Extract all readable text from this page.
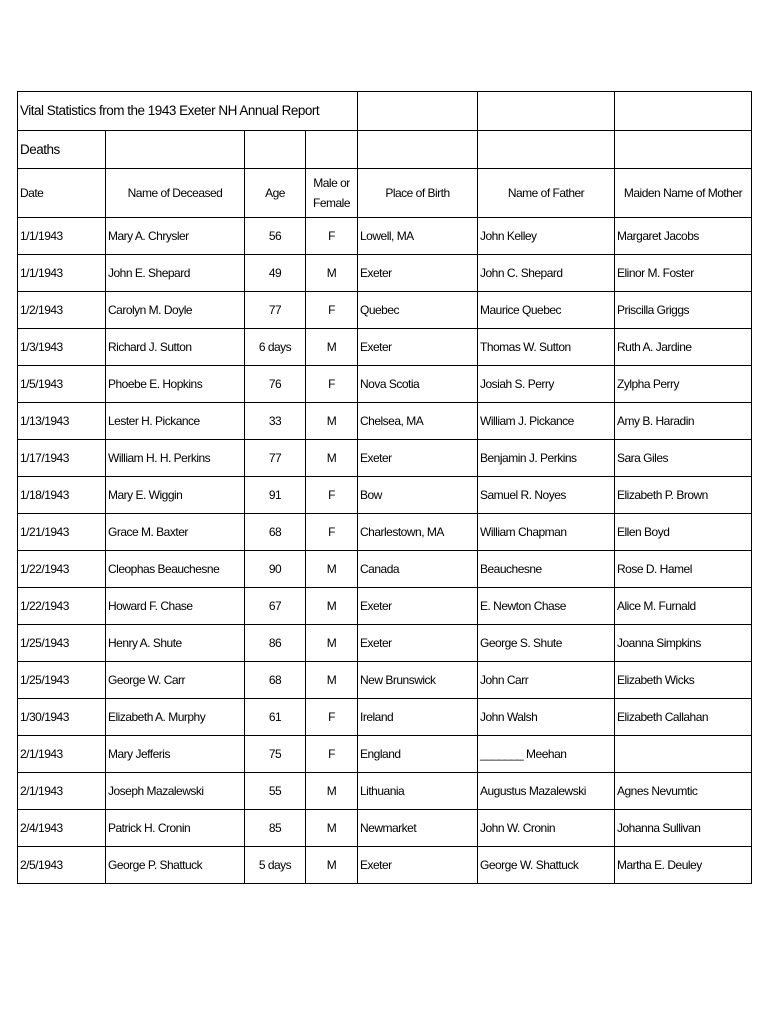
Vital Statistics from the 1943 Exeter NH Annual Report						
Deaths						
Date	Name of Deceased	Age	Male or Female	Place of Birth	Name of Father	Maiden Name of Mother
1/1/1943	Mary A. Chrysler	56	F	Lowell, MA	John Kelley	Margaret Jacobs
1/1/1943	John E. Shepard	49	M	Exeter	John C. Shepard	Elinor M. Foster
1/2/1943	Carolyn M. Doyle	77	F	Quebec	Maurice Quebec	Priscilla Griggs
1/3/1943	Richard J. Sutton	6 days	M	Exeter	Thomas W. Sutton	Ruth A. Jardine
1/5/1943	Phoebe E. Hopkins	76	F	Nova Scotia	Josiah S. Perry	Zylpha Perry
1/13/1943	Lester H. Pickance	33	M	Chelsea, MA	William J. Pickance	Amy B. Haradin
1/17/1943	William H. H. Perkins	77	M	Exeter	Benjamin J. Perkins	Sara Giles
1/18/1943	Mary E. Wiggin	91	F	Bow	Samuel R. Noyes	Elizabeth P. Brown
1/21/1943	Grace M. Baxter	68	F	Charlestown, MA	William Chapman	Ellen Boyd
1/22/1943	Cleophas Beauchesne	90	M	Canada	Beauchesne	Rose D. Hamel
1/22/1943	Howard F. Chase	67	M	Exeter	E. Newton Chase	Alice M. Furnald
1/25/1943	Henry A. Shute	86	M	Exeter	George S. Shute	Joanna Simpkins
1/25/1943	George W. Carr	68	M	New Brunswick	John Carr	Elizabeth Wicks
1/30/1943	Elizabeth A. Murphy	61	F	Ireland	John Walsh	Elizabeth Callahan
2/1/1943	Mary Jefferis	75	F	England	_______ Meehan	
2/1/1943	Joseph Mazalewski	55	M	Lithuania	Augustus Mazalewski	Agnes Nevumtic
2/4/1943	Patrick H. Cronin	85	M	Newmarket	John W. Cronin	Johanna Sullivan
2/5/1943	George P. Shattuck	5 days	M	Exeter	George W. Shattuck	Martha E. Deuley
